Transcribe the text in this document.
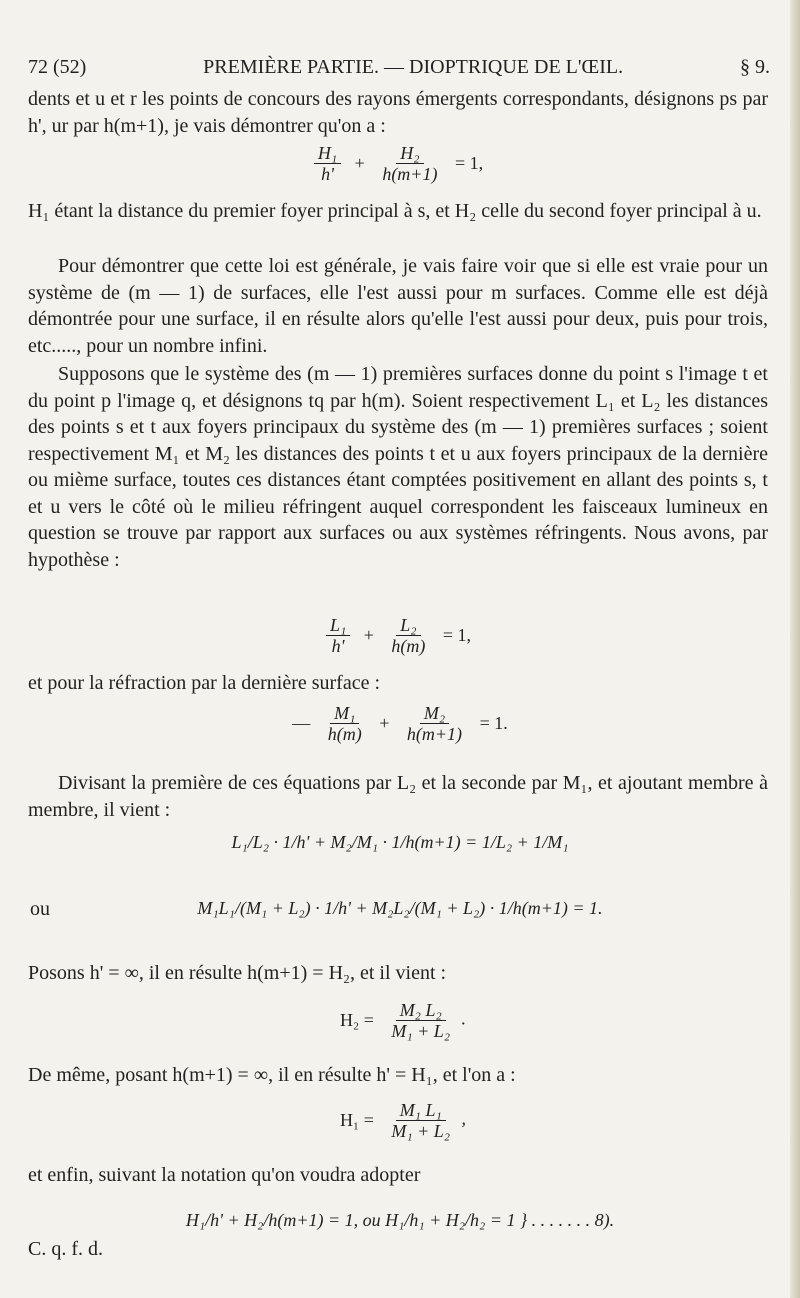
72 (52)	PREMIÈRE PARTIE. — DIOPTRIQUE DE L'ŒIL.	§ 9.
dents et u et r les points de concours des rayons émergents correspondants, désignons ps par h', ur par h(m+1), je vais démontrer qu'on a :
$\frac{\text{H₁}}{h'} + \frac{\text{H₂}}{h(m+1)} = 1$,
H₁ étant la distance du premier foyer principal à s, et H₂ celle du second foyer principal à u.
Pour démontrer que cette loi est générale, je vais faire voir que si elle est vraie pour un système de (m — 1) de surfaces, elle l'est aussi pour m surfaces. Comme elle est déjà démontrée pour une surface, il en résulte alors qu'elle l'est aussi pour deux, puis pour trois, etc....., pour un nombre infini.
Supposons que le système des (m — 1) premières surfaces donne du point s l'image t et du point p l'image q, et désignons tq par h(m). Soient respectivement L₁ et L₂ les distances des points s et t aux foyers principaux du système des (m — 1) premières surfaces ; soient respectivement M₁ et M₂ les distances des points t et u aux foyers principaux de la dernière ou mième surface, toutes ces distances étant comptées positivement en allant des points s, t et u vers le côté où le milieu réfringent auquel correspondent les faisceaux lumineux en question se trouve par rapport aux surfaces ou aux systèmes réfringents. Nous avons, par hypothèse :
$\frac{\text{L₁}}{h'} + \frac{\text{L₂}}{h(m)} = 1$,
et pour la réfraction par la dernière surface :
— $\frac{\text{M₁}}{h(m)} + \frac{\text{M₂}}{h(m+1)} = 1$.
Divisant la première de ces équations par L₂ et la seconde par M₁, et ajoutant membre à membre, il vient :
L₁/L₂ · 1/h' + M₂/M₁ · 1/h(m+1) = 1/L₂ + 1/M₁
ou	M₁L₁/(M₁ + L₂) · 1/h' + M₂L₂/(M₁ + L₂) · 1/h(m+1) = 1.
Posons h' = ∞, il en résulte h(m+1) = H₂, et il vient :
$H_2 = \frac{\text{M₂ L₂}}{\text{M₁ + L₂}}$ .
De même, posant h(m+1) = ∞, il en résulte h' = H₁, et l'on a :
$H_1 = \frac{\text{M₁ L₁}}{\text{M₁ + L₂}}$ ,
et enfin, suivant la notation qu'on voudra adopter
H₁/h' + H₂/h(m+1) = 1, ou H₁/h₁ + H₂/h₂ = 1 } . . . . . . . 8).
C. q. f. d.
